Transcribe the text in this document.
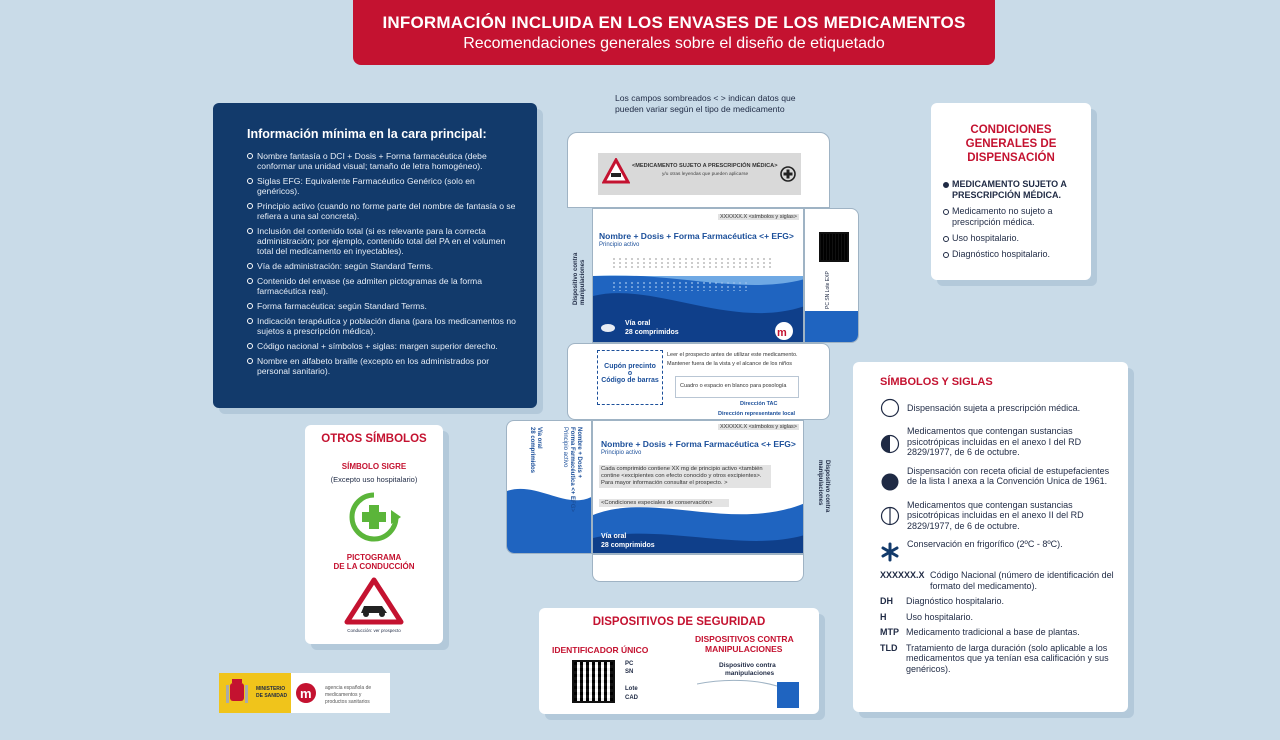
INFORMACIÓN INCLUIDA EN LOS ENVASES DE LOS MEDICAMENTOS
Recomendaciones generales sobre el diseño de etiquetado
Información mínima en la cara principal:
Nombre fantasía o DCI + Dosis + Forma farmacéutica (debe conformar una unidad visual; tamaño de letra homogéneo).
Siglas EFG: Equivalente Farmacéutico Genérico (solo en genéricos).
Principio activo (cuando no forme parte del nombre de fantasía o se refiera a una sal concreta).
Inclusión del contenido total (si es relevante para la correcta administración; por ejemplo, contenido total del PA en el volumen total del medicamento en inyectables).
Vía de administración: según Standard Terms.
Contenido del envase (se admiten pictogramas de la forma farmacéutica real).
Forma farmacéutica: según Standard Terms.
Indicación terapéutica y población diana (para los medicamentos no sujetos a prescripción médica).
Código nacional + símbolos + siglas: margen superior derecho.
Nombre en alfabeto braille (excepto en los administrados por personal sanitario).
Los campos sombreados < > indican datos que pueden variar según el tipo de medicamento
<MEDICAMENTO SUJETO A PRESCRIPCIÓN MÉDICA>
y/u otras leyendas que pueden aplicarse
XXXXXX.X <símbolos y siglas>
Nombre + Dosis + Forma Farmacéutica <+ EFG>
Principio activo
Vía oral
28 comprimidos	m
PC SN Lote EXP
Dispositivo contra manipulaciones
Cupón precinto
o
Código de barras
Leer el prospecto antes de utilizar este medicamento.
Mantener fuera de la vista y el alcance de los niños
Cuadro o espacio en blanco para posología
Dirección TAC
Dirección representante local
Nombre + Dosis +
Forma Farmacéutica <+ EFG>
Principio activo
Vía oral
28 comprimidos	XXXXXX.X <símbolos y siglas>
Nombre + Dosis + Forma Farmacéutica <+ EFG>
Principio activo
Cada comprimido contiene XX mg de principio activo <también contine <excipientes con efecto conocido y otros excipientes>. Para mayor información consultar el prospecto. >
<Condiciones especiales de conservación>
Vía oral
28 comprimidos
Dispositivo contra manipulaciones
CONDICIONES GENERALES DE DISPENSACIÓN
MEDICAMENTO SUJETO A PRESCRIPCIÓN MÉDICA.
Medicamento no sujeto a prescripción médica.
Uso hospitalario.
Diagnóstico hospitalario.
SÍMBOLOS Y SIGLAS
Dispensación sujeta a prescripción médica.
Medicamentos que contengan sustancias psicotrópicas incluidas en el anexo I del RD 2829/1977, de 6 de octubre.
Dispensación con receta oficial de estupefacientes de la lista I anexa a la Convención Unica de 1961.
Medicamentos que contengan sustancias psicotrópicas incluidas en el anexo II del RD 2829/1977, de 6 de octubre.
Conservación en frigorífico (2ºC - 8ºC).
XXXXXX.X Código Nacional (número de identificación del formato del medicamento).
DH	Diagnóstico hospitalario.
H	Uso hospitalario.
MTP Medicamento tradicional a base de plantas.
TLD Tratamiento de larga duración (solo aplicable a los medicamentos que ya tenían esa calificación y sus genéricos).
OTROS SÍMBOLOS
SÍMBOLO SIGRE
(Excepto uso hospitalario)
PICTOGRAMA
DE LA CONDUCCIÓN
Conducción: ver prospecto
DISPOSITIVOS DE SEGURIDAD
IDENTIFICADOR ÚNICO
DISPOSITIVOS CONTRA
MANIPULACIONES
PC
SN
Lote
CAD
Dispositivo contra
manipulaciones
MINISTERIO
DE SANIDAD m	agencia española de
medicamentos y
productos sanitarios
